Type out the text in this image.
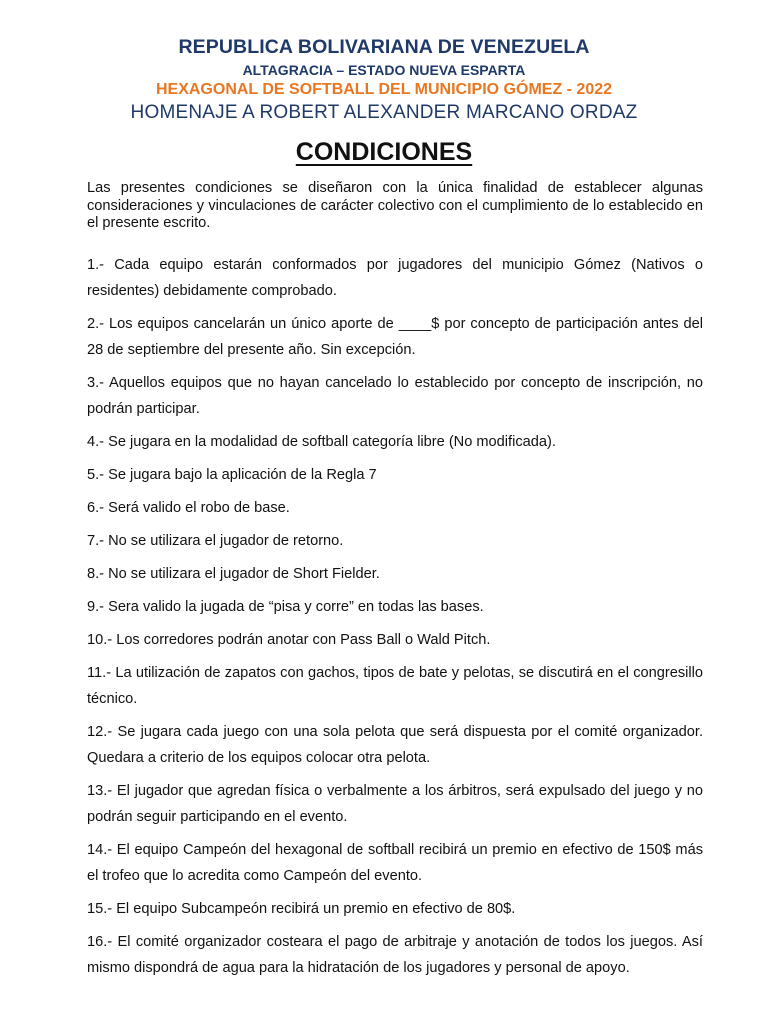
REPUBLICA BOLIVARIANA DE VENEZUELA
ALTAGRACIA – ESTADO NUEVA ESPARTA
HEXAGONAL DE SOFTBALL DEL MUNICIPIO GÓMEZ - 2022
HOMENAJE A ROBERT ALEXANDER MARCANO ORDAZ
CONDICIONES
Las presentes condiciones se diseñaron con la única finalidad de establecer algunas consideraciones y vinculaciones de carácter colectivo con el cumplimiento de lo establecido en el presente escrito.

1.- Cada equipo estarán conformados por jugadores del municipio Gómez (Nativos o residentes) debidamente comprobado.

2.- Los equipos cancelarán un único aporte de ____$ por concepto de participación antes del 28 de septiembre del presente año. Sin excepción.

3.- Aquellos equipos que no hayan cancelado lo establecido por concepto de inscripción, no podrán participar.

4.- Se jugara en la modalidad de softball categoría libre (No modificada).

5.- Se jugara bajo la aplicación de la Regla 7

6.- Será valido el robo de base.

7.- No se utilizara el jugador de retorno.

8.- No se utilizara el jugador de Short Fielder.

9.- Sera valido la jugada de “pisa y corre” en todas las bases.

10.- Los corredores podrán anotar con Pass Ball o Wald Pitch.

11.- La utilización de zapatos con gachos, tipos de bate y pelotas, se discutirá en el congresillo técnico.

12.- Se jugara cada juego con una sola pelota que será dispuesta por el comité organizador. Quedara a criterio de los equipos colocar otra pelota.

13.- El jugador que agredan física o verbalmente a los árbitros, será expulsado del juego y no podrán seguir participando en el evento.

14.- El equipo Campeón del hexagonal de softball recibirá un premio en efectivo de 150$ más el trofeo que lo acredita como Campeón del evento.

15.- El equipo Subcampeón recibirá un premio en efectivo de 80$.

16.- El comité organizador costeara el pago de arbitraje y anotación de todos los juegos. Así mismo dispondrá de agua para la hidratación de los jugadores y personal de apoyo.
